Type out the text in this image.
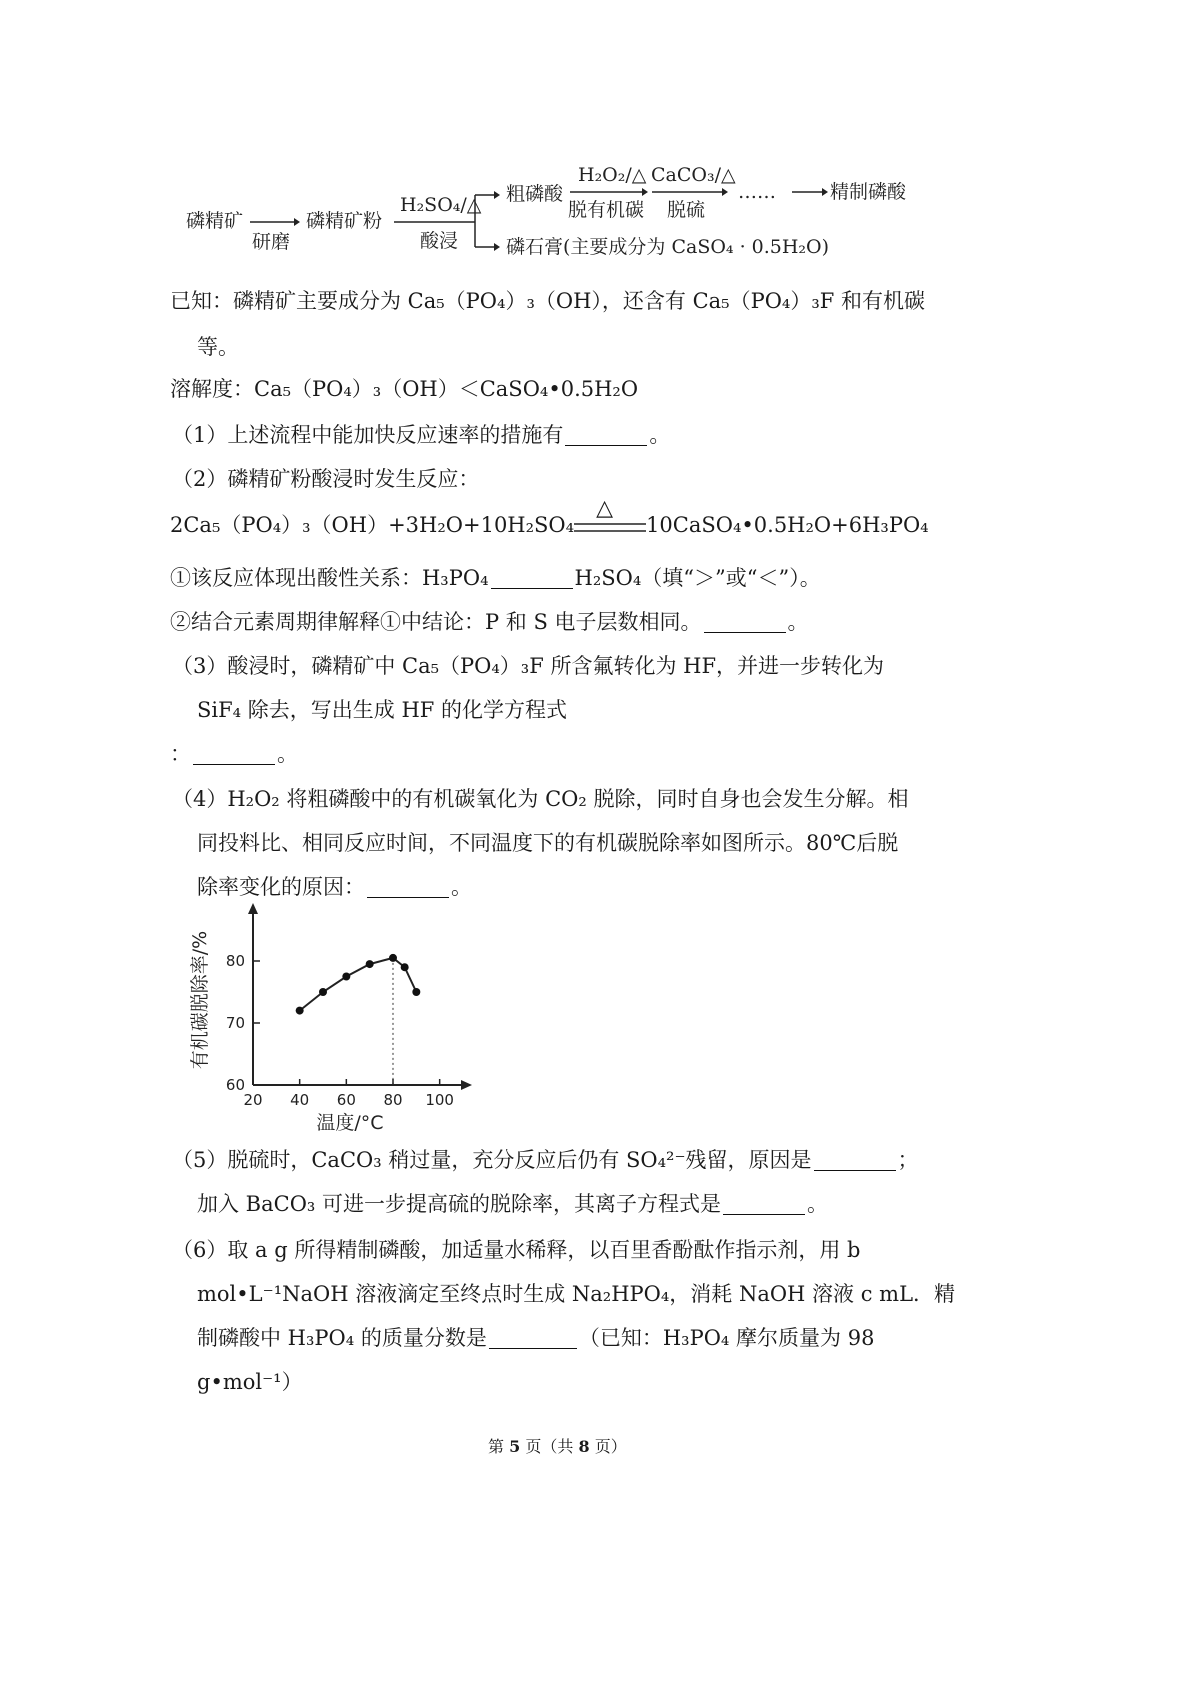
磷精矿
研磨
磷精矿粉
H₂SO₄/△
酸浸
粗磷酸
H₂O₂/△
脱有机碳
CaCO₃/△
脱硫
……	精制磷酸
磷石膏(主要成分为 CaSO₄ · 0.5H₂O)
已知：磷精矿主要成分为 Ca₅（PO₄）₃（OH），还含有 Ca₅（PO₄）₃F 和有机碳
等。
溶解度：Ca₅（PO₄）₃（OH）＜CaSO₄•0.5H₂O
（1）上述流程中能加快反应速率的措施有	。
（2）磷精矿粉酸浸时发生反应：
2Ca₅（PO₄）₃（OH）+3H₂O+10H₂SO₄
△
10CaSO₄•0.5H₂O+6H₃PO₄
①该反应体现出酸性关系：H₃PO₄	H₂SO₄（填“＞”或“＜”）。
②结合元素周期律解释①中结论：P 和 S 电子层数相同。	。
（3）酸浸时，磷精矿中 Ca₅（PO₄）₃F 所含氟转化为 HF，并进一步转化为
SiF₄ 除去，写出生成 HF 的化学方程式
：	。
（4）H₂O₂ 将粗磷酸中的有机碳氧化为 CO₂ 脱除，同时自身也会发生分解。相
同投料比、相同反应时间，不同温度下的有机碳脱除率如图所示。80℃后脱
除率变化的原因：	。
60
70
80
20 40 60 80 100
有机碳脱除率/%
温度/°C
（5）脱硫时，CaCO₃ 稍过量，充分反应后仍有 SO₄²⁻残留，原因是	；
加入 BaCO₃ 可进一步提高硫的脱除率，其离子方程式是	。
（6）取 a g 所得精制磷酸，加适量水稀释，以百里香酚酞作指示剂，用 b
mol•L⁻¹NaOH 溶液滴定至终点时生成 Na₂HPO₄，消耗 NaOH 溶液 c mL．精
制磷酸中 H₃PO₄ 的质量分数是	（已知：H₃PO₄ 摩尔质量为 98
g•mol⁻¹）
第 5 页（共 8 页）
